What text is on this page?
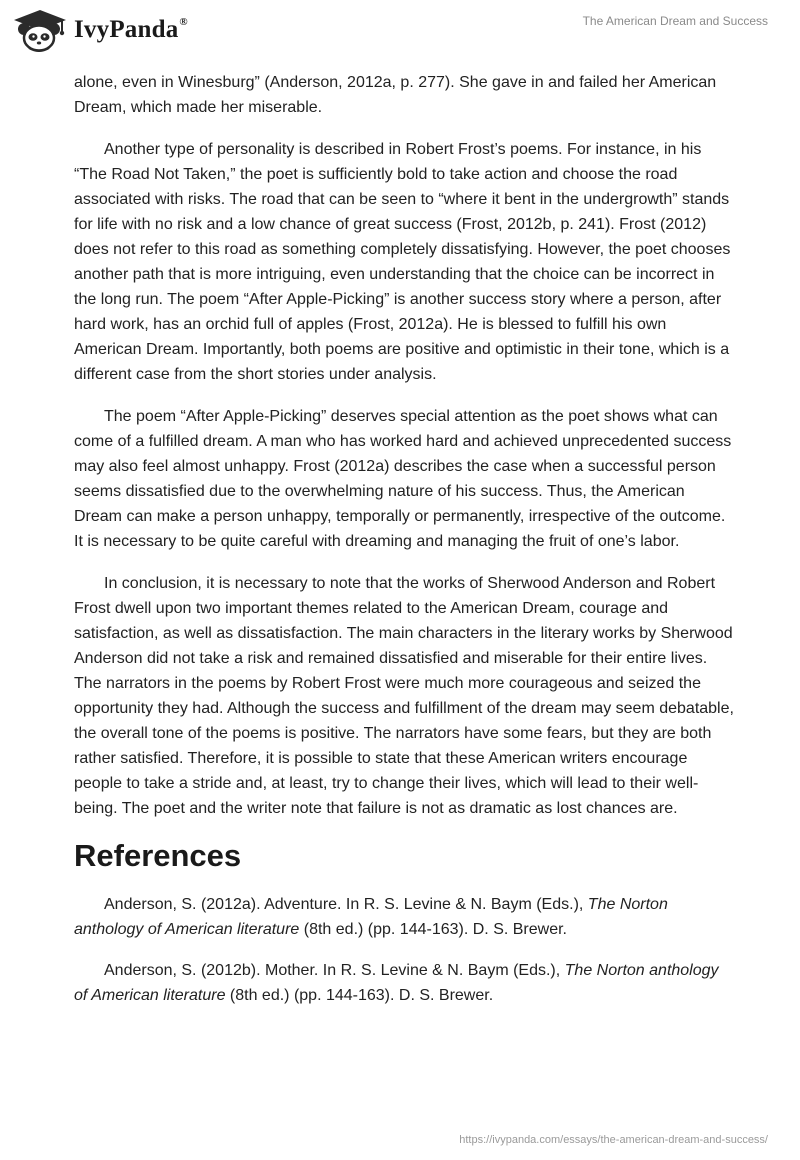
IvyPanda®	The American Dream and Success

alone, even in Winesburg” (Anderson, 2012a, p. 277). She gave in and failed her American Dream, which made her miserable.

Another type of personality is described in Robert Frost’s poems. For instance, in his “The Road Not Taken,” the poet is sufficiently bold to take action and choose the road associated with risks. The road that can be seen to “where it bent in the undergrowth” stands for life with no risk and a low chance of great success (Frost, 2012b, p. 241). Frost (2012) does not refer to this road as something completely dissatisfying. However, the poet chooses another path that is more intriguing, even understanding that the choice can be incorrect in the long run. The poem “After Apple-Picking” is another success story where a person, after hard work, has an orchid full of apples (Frost, 2012a). He is blessed to fulfill his own American Dream. Importantly, both poems are positive and optimistic in their tone, which is a different case from the short stories under analysis.

The poem “After Apple-Picking” deserves special attention as the poet shows what can come of a fulfilled dream. A man who has worked hard and achieved unprecedented success may also feel almost unhappy. Frost (2012a) describes the case when a successful person seems dissatisfied due to the overwhelming nature of his success. Thus, the American Dream can make a person unhappy, temporally or permanently, irrespective of the outcome. It is necessary to be quite careful with dreaming and managing the fruit of one’s labor.

In conclusion, it is necessary to note that the works of Sherwood Anderson and Robert Frost dwell upon two important themes related to the American Dream, courage and satisfaction, as well as dissatisfaction. The main characters in the literary works by Sherwood Anderson did not take a risk and remained dissatisfied and miserable for their entire lives. The narrators in the poems by Robert Frost were much more courageous and seized the opportunity they had. Although the success and fulfillment of the dream may seem debatable, the overall tone of the poems is positive. The narrators have some fears, but they are both rather satisfied. Therefore, it is possible to state that these American writers encourage people to take a stride and, at least, try to change their lives, which will lead to their well-being. The poet and the writer note that failure is not as dramatic as lost chances are.

References

Anderson, S. (2012a). Adventure. In R. S. Levine & N. Baym (Eds.), The Norton anthology of American literature (8th ed.) (pp. 144-163). D. S. Brewer.

Anderson, S. (2012b). Mother. In R. S. Levine & N. Baym (Eds.), The Norton anthology of American literature (8th ed.) (pp. 144-163). D. S. Brewer.

https://ivypanda.com/essays/the-american-dream-and-success/
